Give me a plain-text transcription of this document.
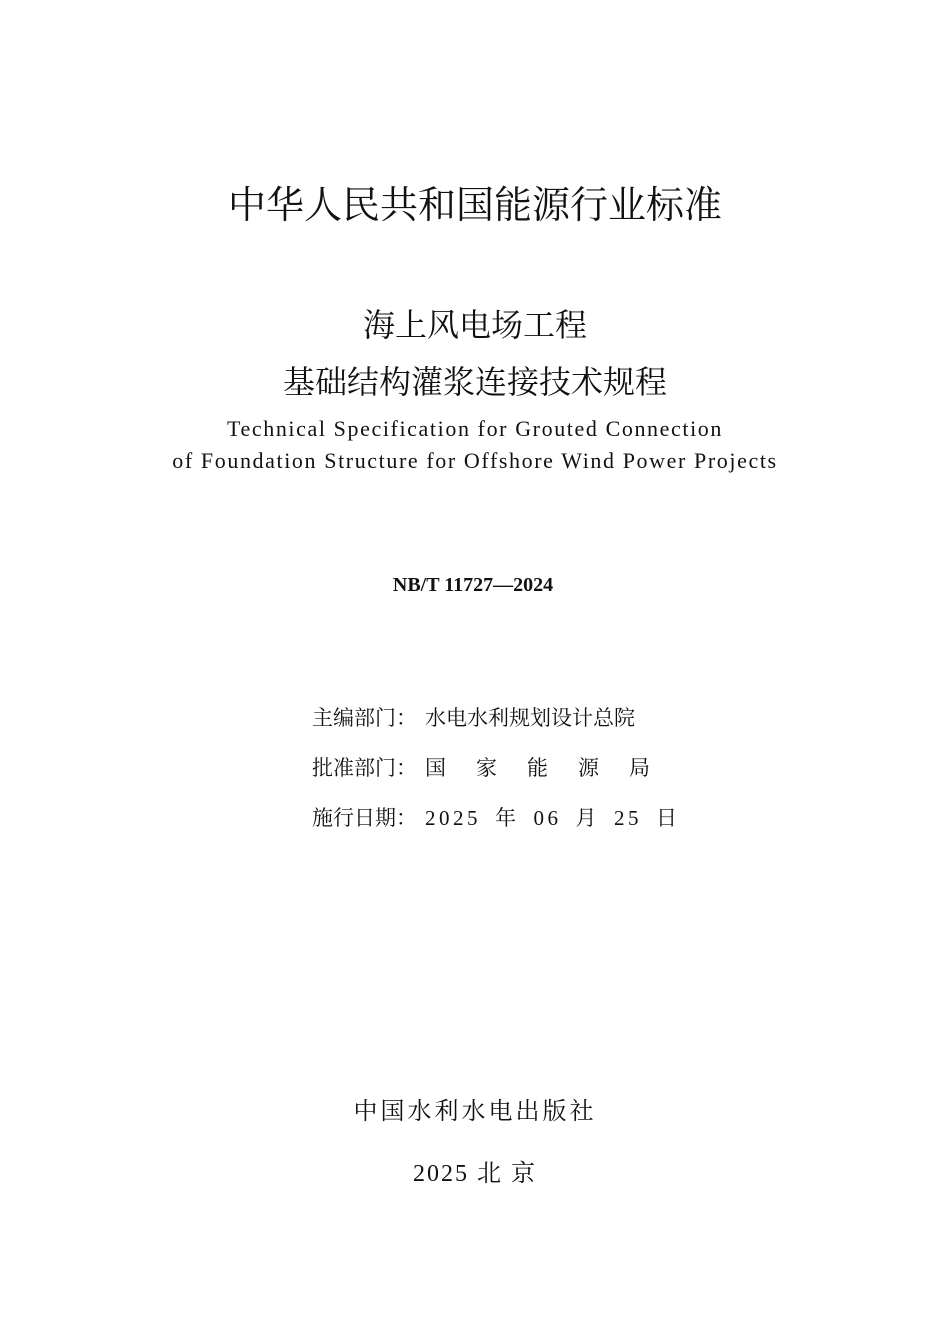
中华人民共和国能源行业标准
海上风电场工程
基础结构灌浆连接技术规程
Technical Specification for Grouted Connection
of Foundation Structure for Offshore Wind Power Projects
NB/T 11727—2024
主编部门： 水电水利规划设计总院
批准部门： 国 家 能 源 局
施行日期： 2025 年 06 月 25 日
中国水利水电出版社
2025 北 京
